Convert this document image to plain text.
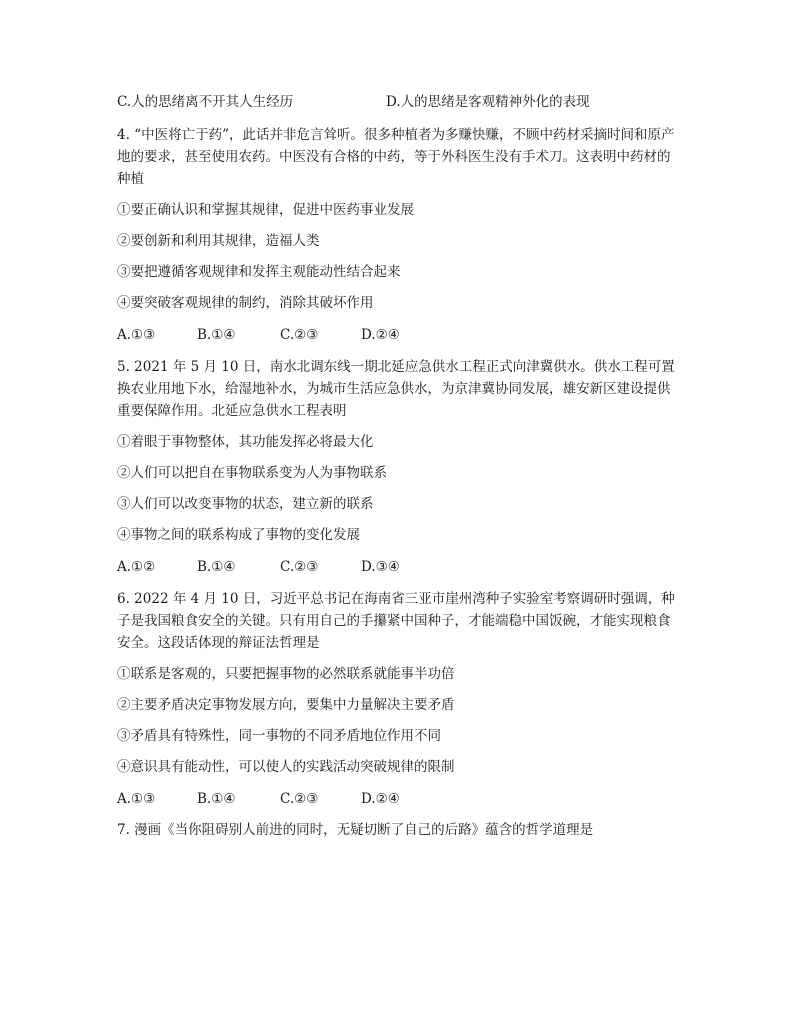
C.人的思绪离不开其人生经历	D.人的思绪是客观精神外化的表现
4. “中医将亡于药”，此话并非危言耸听。很多种植者为多赚快赚，不顾中药材采摘时间和原产地的要求，甚至使用农药。中医没有合格的中药，等于外科医生没有手术刀。这表明中药材的种植
①要正确认识和掌握其规律，促进中医药事业发展
②要创新和利用其规律，造福人类
③要把遵循客观规律和发挥主观能动性结合起来
④要突破客观规律的制约，消除其破坏作用
A.①③	B.①④	C.②③	D.②④
5. 2021 年 5 月 10 日，南水北调东线一期北延应急供水工程正式向津冀供水。供水工程可置换农业用地下水，给湿地补水，为城市生活应急供水，为京津冀协同发展，雄安新区建设提供重要保障作用。北延应急供水工程表明
①着眼于事物整体，其功能发挥必将最大化
②人们可以把自在事物联系变为人为事物联系
③人们可以改变事物的状态，建立新的联系
④事物之间的联系构成了事物的变化发展
A.①②	B.①④	C.②③	D.③④
6. 2022 年 4 月 10 日，习近平总书记在海南省三亚市崖州湾种子实验室考察调研时强调，种子是我国粮食安全的关键。只有用自己的手攥紧中国种子，才能端稳中国饭碗，才能实现粮食安全。这段话体现的辩证法哲理是
①联系是客观的，只要把握事物的必然联系就能事半功倍
②主要矛盾决定事物发展方向，要集中力量解决主要矛盾
③矛盾具有特殊性，同一事物的不同矛盾地位作用不同
④意识具有能动性，可以使人的实践活动突破规律的限制
A.①③	B.①④	C.②③	D.②④
7. 漫画《当你阻碍别人前进的同时，无疑切断了自己的后路》蕴含的哲学道理是
